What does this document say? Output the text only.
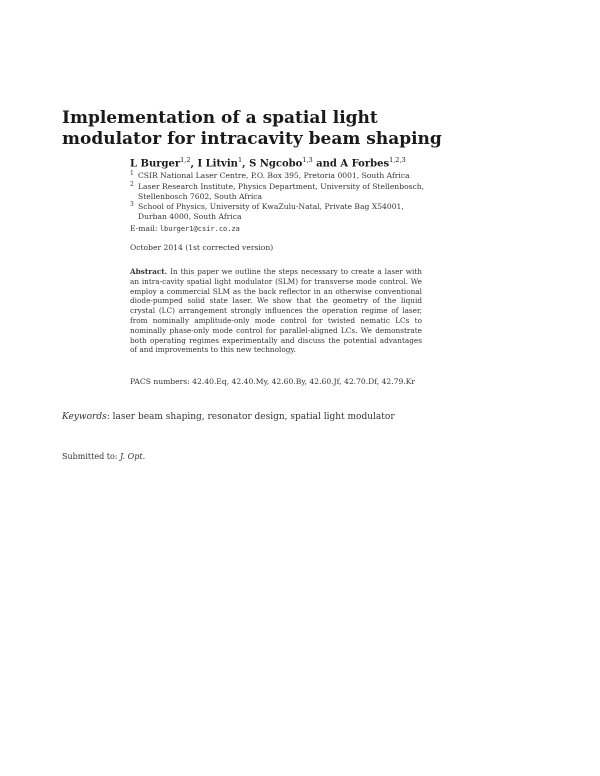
Implementation of a spatial light modulator for intracavity beam shaping
L Burger$^{1,2}$, I Litvin$^1$, S Ngcobo$^{1,3}$ and A Forbes$^{1,2,3}$
1 CSIR National Laser Centre, P.O. Box 395, Pretoria 0001, South Africa
2 Laser Research Institute, Physics Department, University of Stellenbosch, Stellenbosch 7602, South Africa
3 School of Physics, University of KwaZulu-Natal, Private Bag X54001, Durban 4000, South Africa
E-mail: lburger1@csir.co.za
October 2014 (1st corrected version)
Abstract. In this paper we outline the steps necessary to create a laser with an intra-cavity spatial light modulator (SLM) for transverse mode control. We employ a commercial SLM as the back reflector in an otherwise conventional diode-pumped solid state laser. We show that the geometry of the liquid crystal (LC) arrangement strongly influences the operation regime of laser, from nominally amplitude-only mode control for twisted nematic LCs to nominally phase-only mode control for parallel-aligned LCs. We demonstrate both operating regimes experimentally and discuss the potential advantages of and improvements to this new technology.
PACS numbers: 42.40.Eq, 42.40.My, 42.60.By, 42.60.Jf, 42.70.Df, 42.79.Kr
Keywords: laser beam shaping, resonator design, spatial light modulator
Submitted to: J. Opt.
